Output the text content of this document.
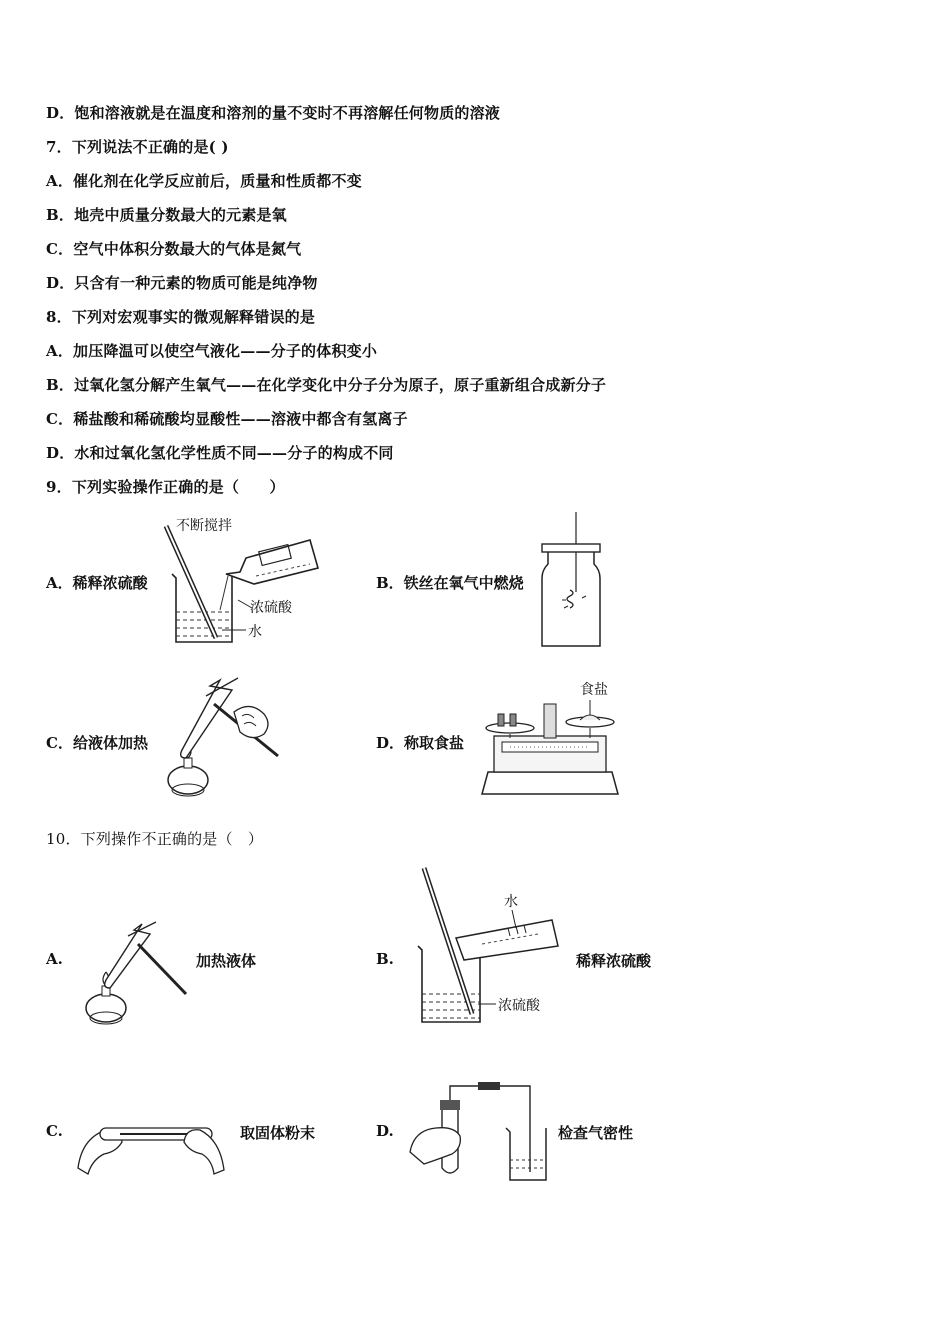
D．饱和溶液就是在温度和溶剂的量不变时不再溶解任何物质的溶液
7．下列说法不正确的是( )
A．催化剂在化学反应前后，质量和性质都不变
B．地壳中质量分数最大的元素是氧
C．空气中体积分数最大的气体是氮气
D．只含有一种元素的物质可能是纯净物
8．下列对宏观事实的微观解释错误的是
A．加压降温可以使空气液化——分子的体积变小
B．过氧化氢分解产生氧气——在化学变化中分子分为原子，原子重新组合成新分子
C．稀盐酸和稀硫酸均显酸性——溶液中都含有氢离子
D．水和过氧化氢化学性质不同——分子的构成不同
9．下列实验操作正确的是（　　）
A．稀释浓硫酸
不断搅拌
浓硫酸
水
B．铁丝在氧气中燃烧
C．给液体加热	D．称取食盐
食盐
10．下列操作不正确的是（　）
A.	加热液体	B.
水
浓硫酸
稀释浓硫酸
C.	取固体粉末	D.	检查气密性
